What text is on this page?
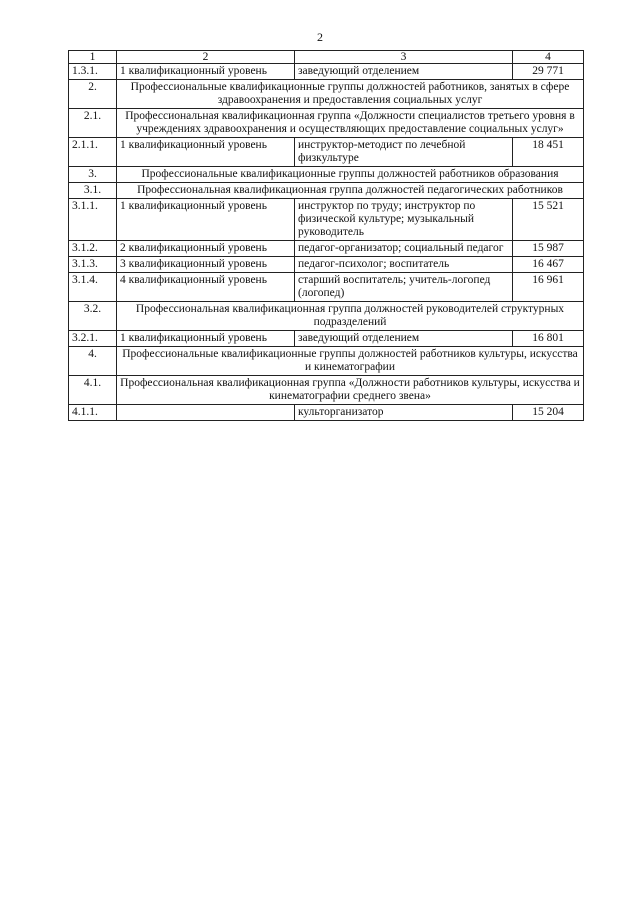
2
1	2	3	4
1.3.1.	1 квалификационный уровень	заведующий отделением	29 771
2.	Профессиональные квалификационные группы должностей работников, занятых в сфере здравоохранения и предоставления социальных услуг		
2.1.	Профессиональная квалификационная группа «Должности специалистов третьего уровня в учреждениях здравоохранения и осуществляющих предоставление социальных услуг»		
2.1.1.	1 квалификационный уровень	инструктор-методист по лечебной физкультуре	18 451
3.	Профессиональные квалификационные группы должностей работников образования		
3.1.	Профессиональная квалификационная группа должностей педагогических работников		
3.1.1.	1 квалификационный уровень	инструктор по труду; инструктор по физической культуре; музыкальный руководитель	15 521
3.1.2.	2 квалификационный уровень	педагог-организатор; социальный педагог	15 987
3.1.3.	3 квалификационный уровень	педагог-психолог; воспитатель	16 467
3.1.4.	4 квалификационный уровень	старший воспитатель; учитель-логопед (логопед)	16 961
3.2.	Профессиональная квалификационная группа должностей руководителей структурных подразделений		
3.2.1.	1 квалификационный уровень	заведующий отделением	16 801
4.	Профессиональные квалификационные группы должностей работников культуры, искусства и кинематографии		
4.1.	Профессиональная квалификационная группа «Должности работников культуры, искусства и кинематографии среднего звена»		
4.1.1.		культорганизатор	15 204
